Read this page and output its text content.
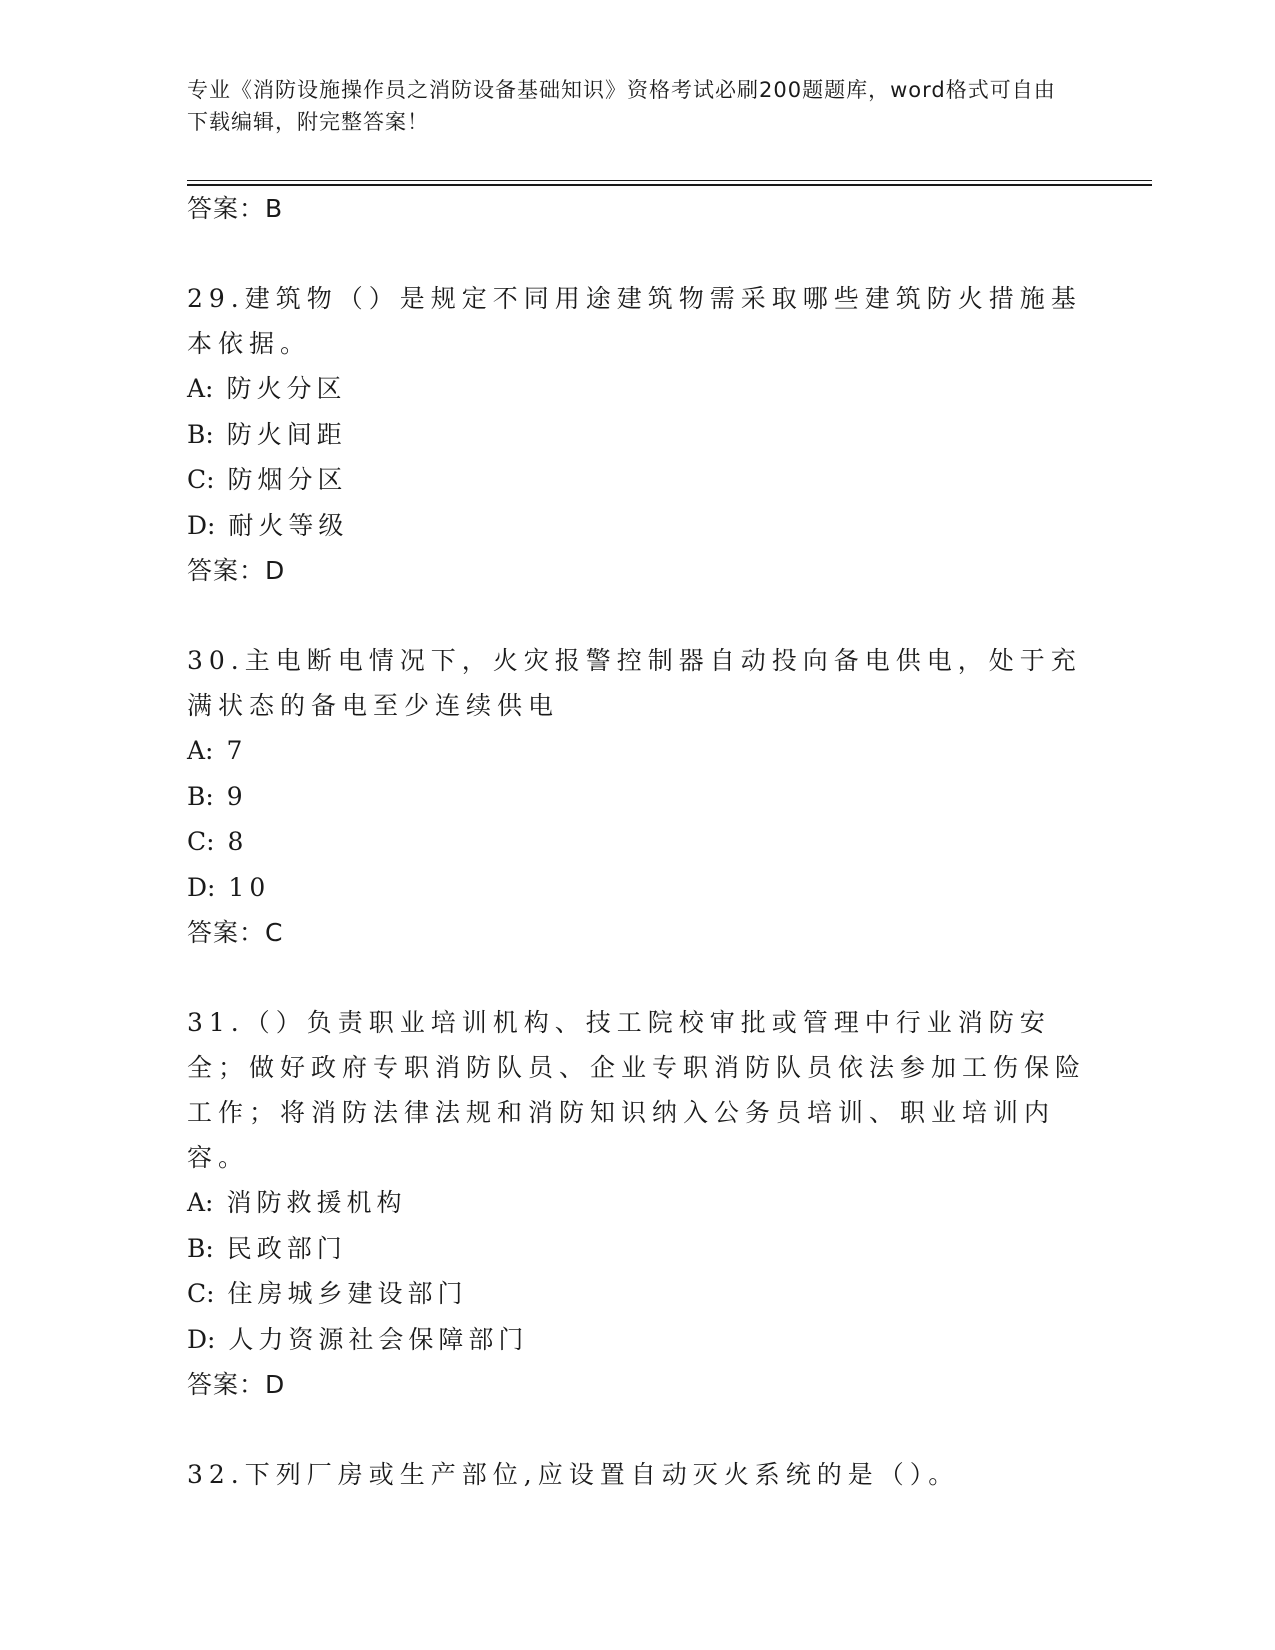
专业《消防设施操作员之消防设备基础知识》资格考试必刷200题题库，word格式可自由下载编辑，附完整答案！

答案：B

29.建筑物（）是规定不同用途建筑物需采取哪些建筑防火措施基本依据。

A: 防火分区

B: 防火间距

C: 防烟分区

D: 耐火等级

答案：D

30.主电断电情况下，火灾报警控制器自动投向备电供电，处于充满状态的备电至少连续供电

A: 7

B: 9

C: 8

D: 10

答案：C

31.（）负责职业培训机构、技工院校审批或管理中行业消防安全；做好政府专职消防队员、企业专职消防队员依法参加工伤保险工作；将消防法律法规和消防知识纳入公务员培训、职业培训内容。

A: 消防救援机构

B: 民政部门

C: 住房城乡建设部门

D: 人力资源社会保障部门

答案：D

32.下列厂房或生产部位,应设置自动灭火系统的是（）。
